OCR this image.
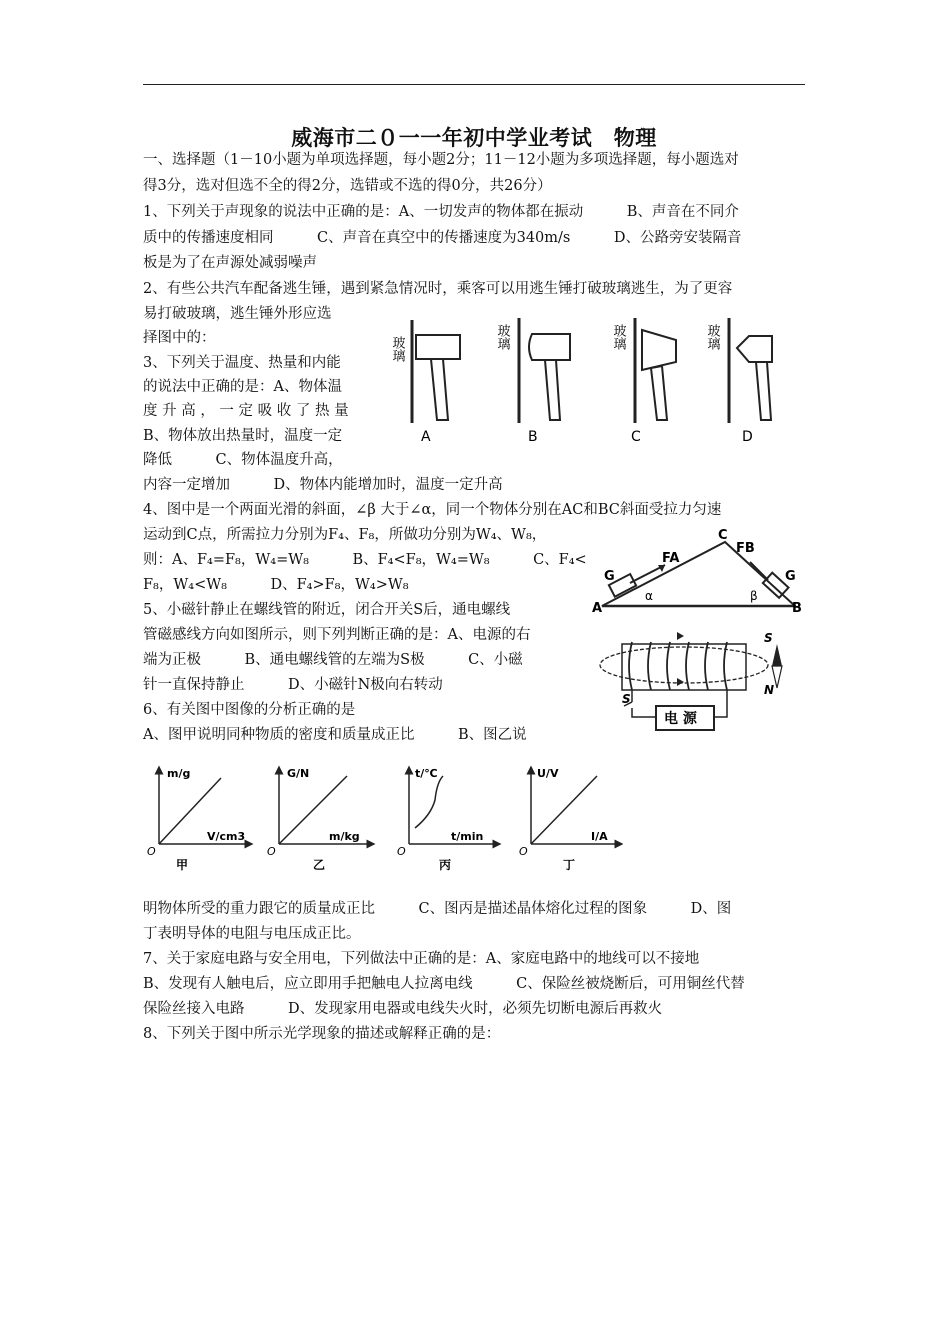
威海市二０一一年初中学业考试　物理
一、选择题（1－10小题为单项选择题，每小题2分；11－12小题为多项选择题，每小题选对
得3分，选对但选不全的得2分，选错或不选的得0分，共26分）
1、下列关于声现象的说法中正确的是：A、一切发声的物体都在振动　　　B、声音在不同介
质中的传播速度相同　　　C、声音在真空中的传播速度为340m/s　　　D、公路旁安装隔音
板是为了在声源处减弱噪声
2、有些公共汽车配备逃生锤，遇到紧急情况时，乘客可以用逃生锤打破玻璃逃生，为了更容
易打破玻璃，逃生锤外形应选
择图中的：
3、下列关于温度、热量和内能
的说法中正确的是：A、物体温
度 升 高 ， 一 定 吸 收 了 热 量
B、物体放出热量时，温度一定
降低　　　C、物体温度升高，
内容一定增加　　　D、物体内能增加时，温度一定升高
4、图中是一个两面光滑的斜面，∠β 大于∠α，同一个物体分别在AC和BC斜面受拉力匀速
运动到C点，所需拉力分别为F₄、F₈，所做功分别为W₄、W₈，
则：A、F₄=F₈，W₄=W₈　　　B、F₄<F₈，W₄=W₈　　　C、F₄<
F₈，W₄<W₈　　　D、F₄>F₈，W₄>W₈
5、小磁针静止在螺线管的附近，闭合开关S后，通电螺线
管磁感线方向如图所示，则下列判断正确的是：A、电源的右
端为正极　　　B、通电螺线管的左端为S极　　　C、小磁
针一直保持静止　　　D、小磁针N极向右转动
6、有关图中图像的分析正确的是
A、图甲说明同种物质的密度和质量成正比　　　B、图乙说
明物体所受的重力跟它的质量成正比　　　C、图丙是描述晶体熔化过程的图象　　　D、图
丁表明导体的电阻与电压成正比。
7、关于家庭电路与安全用电，下列做法中正确的是：A、家庭电路中的地线可以不接地
B、发现有人触电后，应立即用手把触电人拉离电线　　　C、保险丝被烧断后，可用铜丝代替
保险丝接入电路　　　D、发现家用电器或电线失火时，必须先切断电源后再救火
8、下列关于图中所示光学现象的描述或解释正确的是：
玻璃
A
玻璃
B
玻璃
C
玻璃
D
C
A	B
α	β
FA
G
FB
G
电 源
S
S
N
m/g
V/cm3
O
甲
G/N
m/kg
O
乙
t/℃
t/min
O
丙
U/V
I/A
O
丁
